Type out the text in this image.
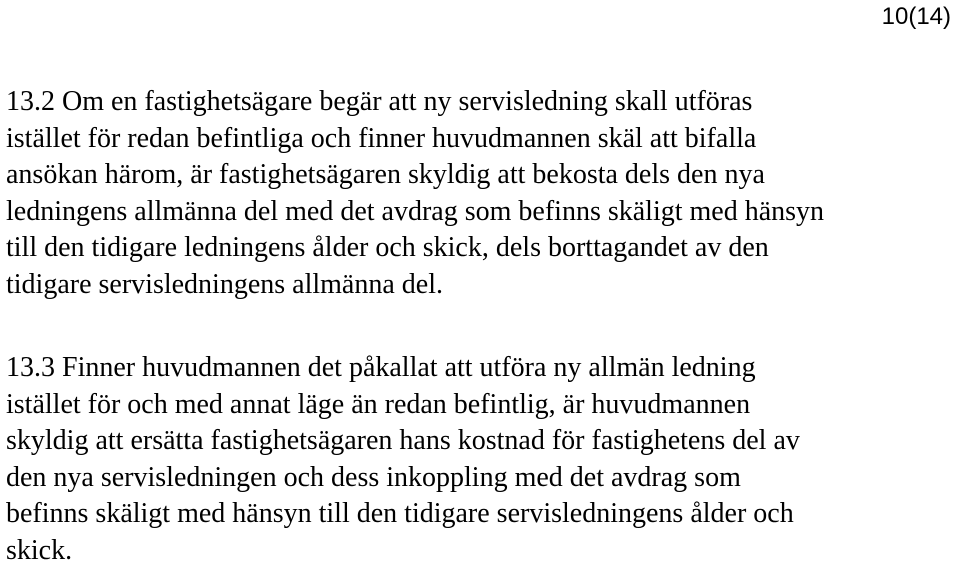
10(14)

13.2 Om en fastighetsägare begär att ny servisledning skall utföras
istället för redan befintliga och finner huvudmannen skäl att bifalla
ansökan härom, är fastighetsägaren skyldig att bekosta dels den nya
ledningens allmänna del med det avdrag som befinns skäligt med hänsyn
till den tidigare ledningens ålder och skick, dels borttagandet av den
tidigare servisledningens allmänna del.

13.3 Finner huvudmannen det påkallat att utföra ny allmän ledning
istället för och med annat läge än redan befintlig, är huvudmannen
skyldig att ersätta fastighetsägaren hans kostnad för fastighetens del av
den nya servisledningen och dess inkoppling med det avdrag som
befinns skäligt med hänsyn till den tidigare servisledningens ålder och
skick.
